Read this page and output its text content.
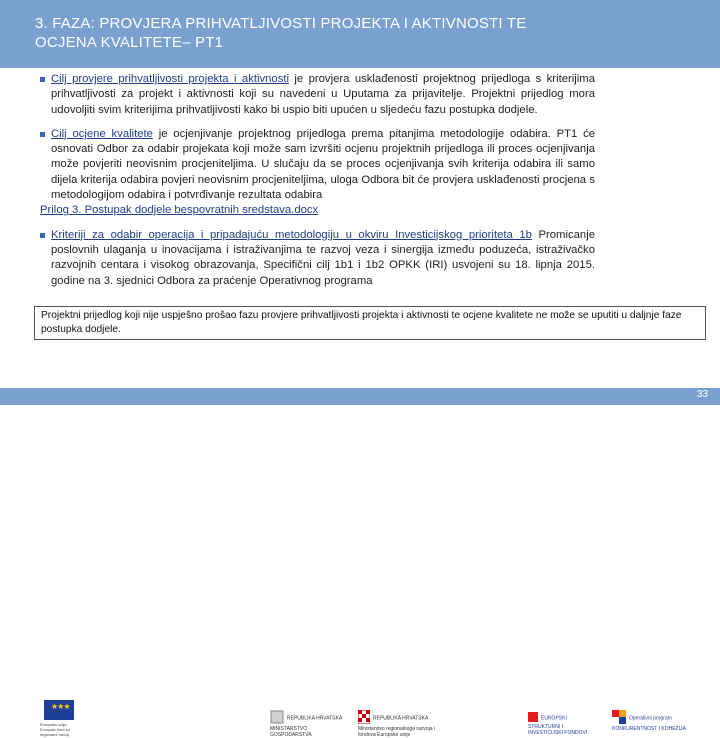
3. FAZA: PROVJERA PRIHVATLJIVOSTI PROJEKTA I AKTIVNOSTI TE
OCJENA KVALITETE– PT1
Cilj provjere prihvatljivosti projekta i aktivnosti je provjera usklađenosti projektnog prijedloga s kriterijima prihvatljivosti za projekt i aktivnosti koji su navedeni u Uputama za prijavitelje. Projektni prijedlog mora udovoljiti svim kriterijima prihvatljivosti kako bi uspio biti upućen u sljedeću fazu postupka dodjele.
Cilj ocjene kvalitete je ocjenjivanje projektnog prijedloga prema pitanjima metodologije odabira. PT1 će osnovati Odbor za odabir projekata koji može sam izvršiti ocjenu projektnih prijedloga ili proces ocjenjivanja može povjeriti neovisnim procjeniteljima. U slučaju da se proces ocjenjivanja svih kriterija odabira ili samo dijela kriterija odabira povjeri neovisnim procjeniteljima, uloga Odbora bit će provjera usklađenosti procjena s metodologijom odabira i potvrđivanje rezultata odabira
Prilog 3. Postupak dodjele bespovratnih sredstava.docx
Kriteriji za odabir operacija i pripadajuću metodologiju u okviru Investicijskog prioriteta 1b Promicanje poslovnih ulaganja u inovacijama i istraživanjima te razvoj veza i sinergija između poduzeća, istraživačko razvojnih centara i visokog obrazovanja, Specifični cilj 1b1 i 1b2 OPKK (IRI) usvojeni su 18. lipnja 2015. godine na 3. sjednici Odbora za praćenje Operativnog programa
Projektni prijedlog koji nije uspješno prošao fazu provjere prihvatljivosti projekta i aktivnosti te ocjene kvalitete ne može se uputiti u daljnje faze postupka dodjele.
★★★
Europska unija Europski fond za regionalni razvoj
REPUBLIKA HRVATSKA MINISTARSTVO GOSPODARSTVA
REPUBLIKA HRVATSKA Ministarstvo regionalnoga razvoja i fondova Europske unije
EUROPSKI STRUKTURNI I INVESTICIJSKI FONDOVI
Operativni program KONKURENTNOST I KOHEZIJA
33
